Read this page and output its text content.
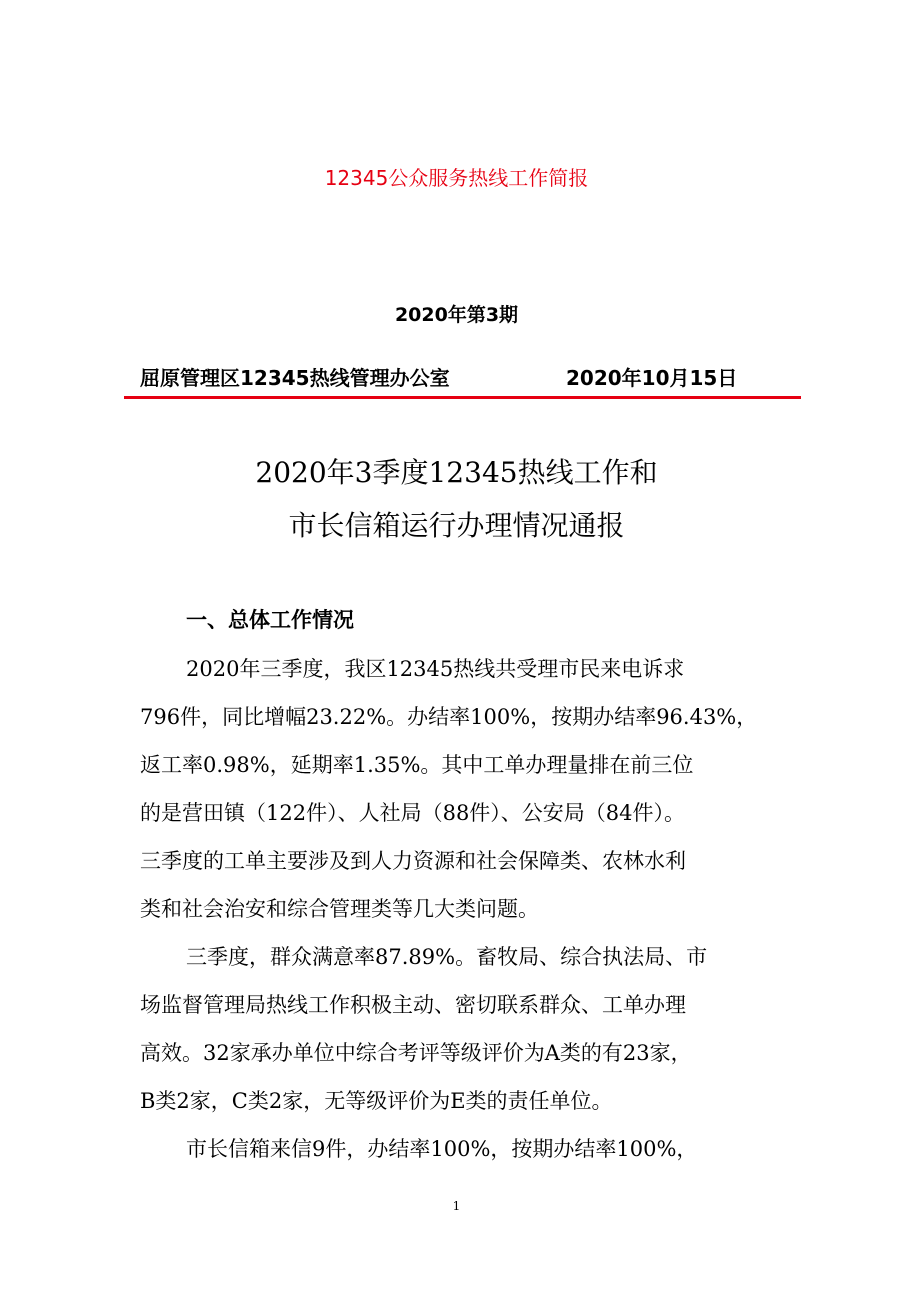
12345公众服务热线工作简报
2020年第3期
屈原管理区12345热线管理办公室	2020年10月15日
2020年3季度12345热线工作和
市长信箱运行办理情况通报
一、总体工作情况
2020年三季度，我区12345热线共受理市民来电诉求
796件，同比增幅23.22%。办结率100%，按期办结率96.43%，
返工率0.98%，延期率1.35%。其中工单办理量排在前三位
的是营田镇（122件）、人社局（88件）、公安局（84件）。
三季度的工单主要涉及到人力资源和社会保障类、农林水利
类和社会治安和综合管理类等几大类问题。
三季度，群众满意率87.89%。畜牧局、综合执法局、市
场监督管理局热线工作积极主动、密切联系群众、工单办理
高效。32家承办单位中综合考评等级评价为A类的有23家，
B类2家，C类2家，无等级评价为E类的责任单位。
市长信箱来信9件，办结率100%，按期办结率100%，
1
